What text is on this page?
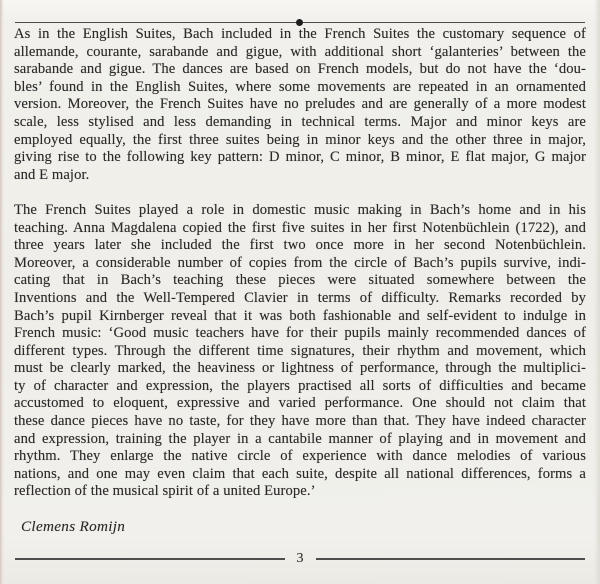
As in the English Suites, Bach included in the French Suites the customary sequence of
allemande, courante, sarabande and gigue, with additional short ‘galanteries’ between the
sarabande and gigue. The dances are based on French models, but do not have the ‘dou-
bles’ found in the English Suites, where some movements are repeated in an ornamented
version. Moreover, the French Suites have no preludes and are generally of a more modest
scale, less stylised and less demanding in technical terms. Major and minor keys are
employed equally, the first three suites being in minor keys and the other three in major,
giving rise to the following key pattern: D minor, C minor, B minor, E flat major, G major
and E major.
The French Suites played a role in domestic music making in Bach’s home and in his
teaching. Anna Magdalena copied the first five suites in her first Notenbüchlein (1722), and
three years later she included the first two once more in her second Notenbüchlein.
Moreover, a considerable number of copies from the circle of Bach’s pupils survive, indi-
cating that in Bach’s teaching these pieces were situated somewhere between the
Inventions and the Well-Tempered Clavier in terms of difficulty. Remarks recorded by
Bach’s pupil Kirnberger reveal that it was both fashionable and self-evident to indulge in
French music: ‘Good music teachers have for their pupils mainly recommended dances of
different types. Through the different time signatures, their rhythm and movement, which
must be clearly marked, the heaviness or lightness of performance, through the multiplici-
ty of character and expression, the players practised all sorts of difficulties and became
accustomed to eloquent, expressive and varied performance. One should not claim that
these dance pieces have no taste, for they have more than that. They have indeed character
and expression, training the player in a cantabile manner of playing and in movement and
rhythm. They enlarge the native circle of experience with dance melodies of various
nations, and one may even claim that each suite, despite all national differences, forms a
reflection of the musical spirit of a united Europe.’
Clemens Romijn
3
